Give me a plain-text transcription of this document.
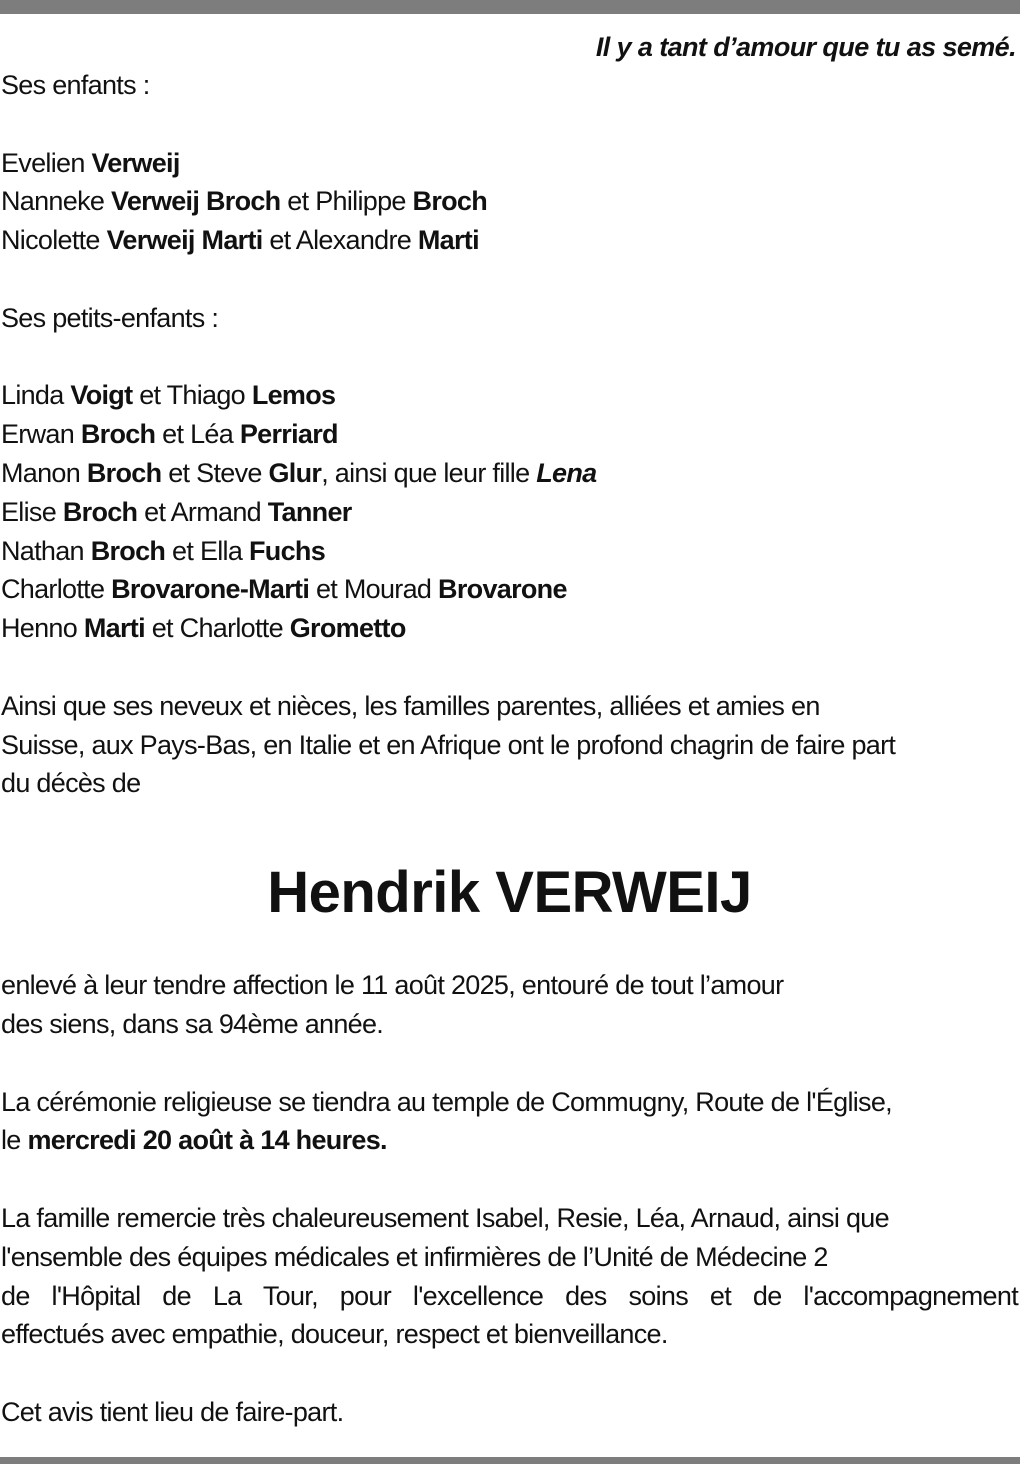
Il y a tant d’amour que tu as semé.
Ses enfants :
Evelien Verweij
Nanneke Verweij Broch et Philippe Broch
Nicolette Verweij Marti et Alexandre Marti
Ses petits-enfants :
Linda Voigt et Thiago Lemos
Erwan Broch et Léa Perriard
Manon Broch et Steve Glur, ainsi que leur fille Lena
Elise Broch et Armand Tanner
Nathan Broch et Ella Fuchs
Charlotte Brovarone-Marti et Mourad Brovarone
Henno Marti et Charlotte Grometto
Ainsi que ses neveux et nièces, les familles parentes, alliées et amies en
Suisse, aux Pays-Bas, en Italie et en Afrique ont le profond chagrin de faire part
du décès de
Hendrik VERWEIJ
enlevé à leur tendre affection le 11 août 2025, entouré de tout l’amour
des siens, dans sa 94ème année.
La cérémonie religieuse se tiendra au temple de Commugny, Route de l'Église,
le mercredi 20 août à 14 heures.
La famille remercie très chaleureusement Isabel, Resie, Léa, Arnaud, ainsi que
l'ensemble des équipes médicales et infirmières de l’Unité de Médecine 2
de l'Hôpital de La Tour, pour l'excellence des soins et de l'accompagnement
effectués avec empathie, douceur, respect et bienveillance.
Cet avis tient lieu de faire-part.
